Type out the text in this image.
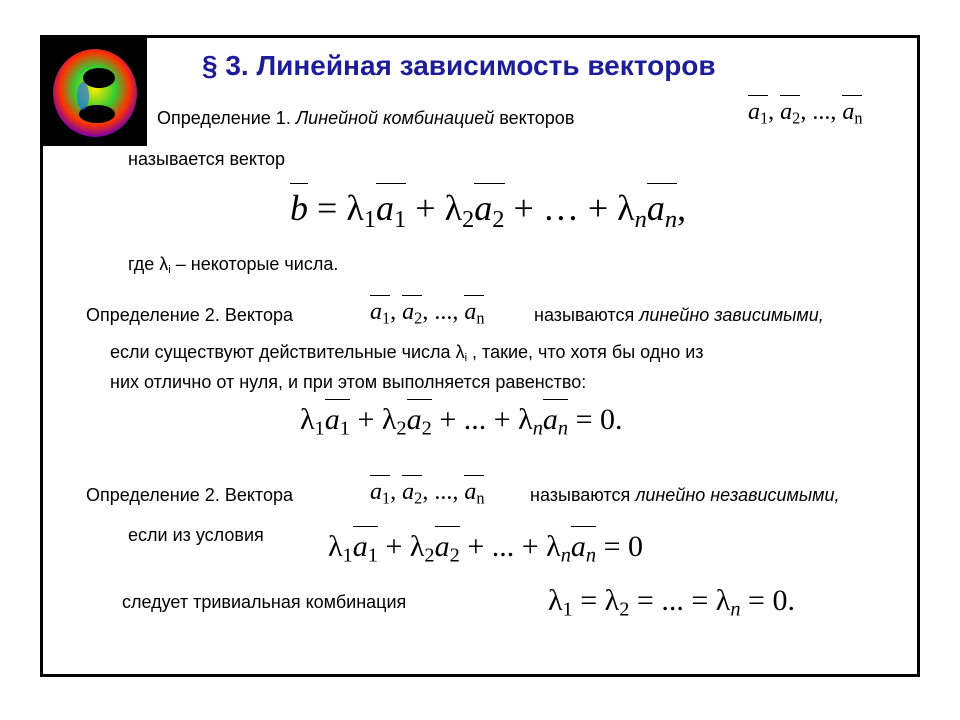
§ 3. Линейная зависимость векторов
Определение 1. Линейной комбинацией векторов	$a_1$, $a_2$, ..., $a_n$
называется вектор
$b = \lambda_1a_1 + \lambda_2a_2$ + … + $\lambda_na_n$,
где $\lambda_i$ – некоторые числа.
Определение 2. Вектора	$a_1$, $a_2$, ..., $a_n$	называются линейно зависимыми,
если существуют действительные числа $\lambda_i$ , такие, что хотя бы одно из
них отлично от нуля, и при этом выполняется равенство:
$\lambda_1a_1 + \lambda_2a_2$ + ... + $\lambda_na_n = 0$.
Определение 2. Вектора	$a_1$, $a_2$, ..., $a_n$	называются линейно независимыми,
если из условия $\lambda_1a_1 + \lambda_2a_2$ + ... + $\lambda_na_n = 0$
следует тривиальная комбинация	$\lambda_1 = \lambda_2$ = ... = $\lambda_n = 0$.
